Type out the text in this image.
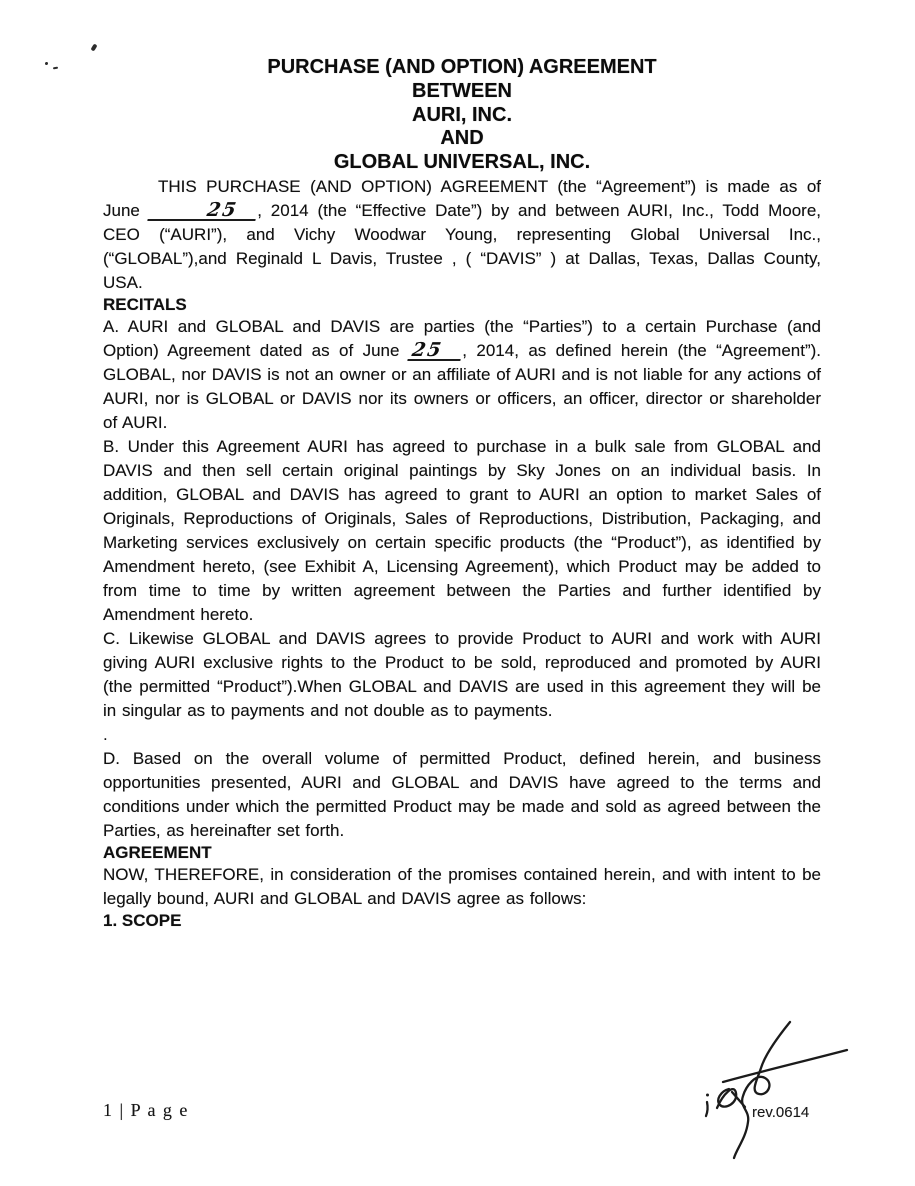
PURCHASE (AND OPTION) AGREEMENT
BETWEEN
AURI, INC.
AND
GLOBAL UNIVERSAL, INC.

THIS PURCHASE (AND OPTION) AGREEMENT (the “Agreement”) is made as of June	25 , 2014 (the “Effective Date”) by and between AURI, Inc., Todd Moore, CEO (“AURI”), and Vichy Woodwar Young, representing Global Universal Inc., (“GLOBAL”),and Reginald L Davis, Trustee , ( “DAVIS” ) at Dallas, Texas, Dallas County, USA.

RECITALS

A. AURI and GLOBAL and DAVIS are parties (the “Parties”) to a certain Purchase (and Option) Agreement dated as of June 25 , 2014, as defined herein (the “Agreement”). GLOBAL, nor DAVIS is not an owner or an affiliate of AURI and is not liable for any actions of AURI, nor is GLOBAL or DAVIS nor its owners or officers, an officer, director or shareholder of AURI.

B. Under this Agreement AURI has agreed to purchase in a bulk sale from GLOBAL and DAVIS and then sell certain original paintings by Sky Jones on an individual basis. In addition, GLOBAL and DAVIS has agreed to grant to AURI an option to market Sales of Originals, Reproductions of Originals, Sales of Reproductions, Distribution, Packaging, and Marketing services exclusively on certain specific products (the “Product”), as identified by Amendment hereto, (see Exhibit A, Licensing Agreement), which Product may be added to from time to time by written agreement between the Parties and further identified by Amendment hereto.

C. Likewise GLOBAL and DAVIS agrees to provide Product to AURI and work with AURI giving AURI exclusive rights to the Product to be sold, reproduced and promoted by AURI (the permitted “Product”).When GLOBAL and DAVIS are used in this agreement they will be in singular as to payments and not double as to payments.

.

D. Based on the overall volume of permitted Product, defined herein, and business opportunities presented, AURI and GLOBAL and DAVIS have agreed to the terms and conditions under which the permitted Product may be made and sold as agreed between the Parties, as hereinafter set forth.

AGREEMENT

NOW, THEREFORE, in consideration of the promises contained herein, and with intent to be legally bound, AURI and GLOBAL and DAVIS agree as follows:

1. SCOPE
1 | P a g e	rev.0614
